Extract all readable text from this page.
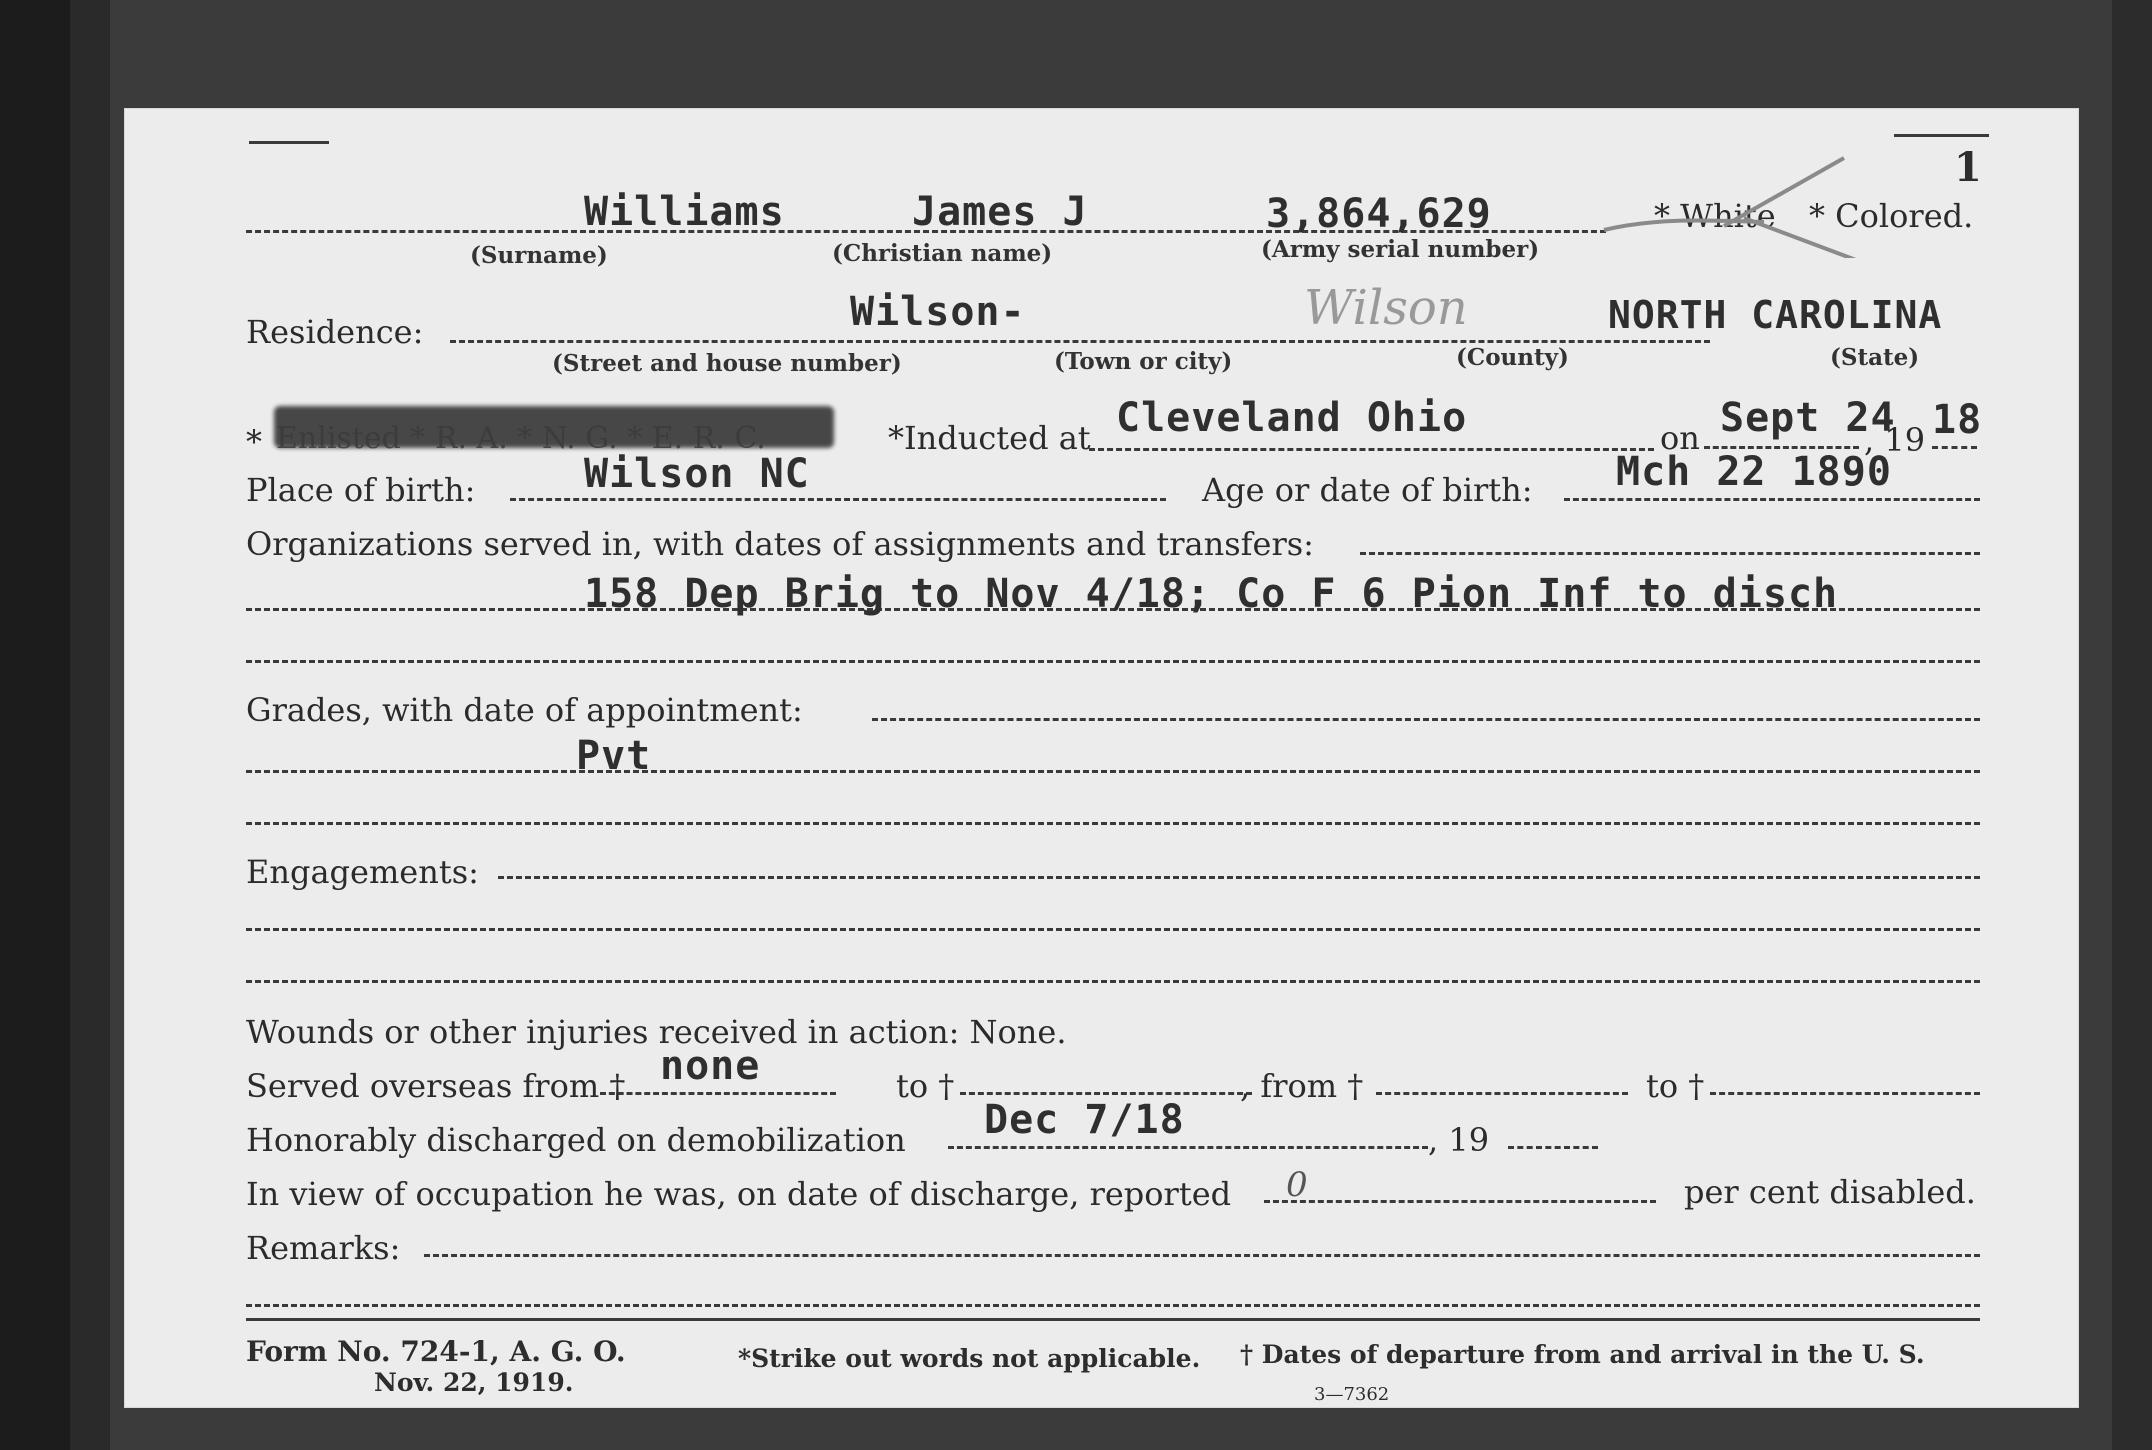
1
Williams	James J	3,864,629	* White * Colored.
(Surname)	(Christian name)	(Army serial number)
Residence:	Wilson-	Wilson	NORTH CAROLINA
(Street and house number)	(Town or city)	(County)	(State)
*	*Inducted at Cleveland Ohio	on Sept 24
, 19 18
Place of birth:	Wilson NC	Age or date of birth: Mch 22 1890
Organizations served in, with dates of assignments and transfers:
158 Dep Brig to Nov 4/18; Co F 6 Pion Inf to disch
Grades, with date of appointment:
Pvt
Engagements:
Wounds or other injuries received in action: None.
Served overseas from † none	to †	, from †	to †
Honorably discharged on demobilization Dec 7/18	, 19
In view of occupation he was, on date of discharge, reported 0	per cent disabled.
Remarks:
Form No. 724-1, A. G. O.
Nov. 22, 1919.
*Strike out words not applicable. † Dates of departure from and arrival in the U. S.
3—7362
